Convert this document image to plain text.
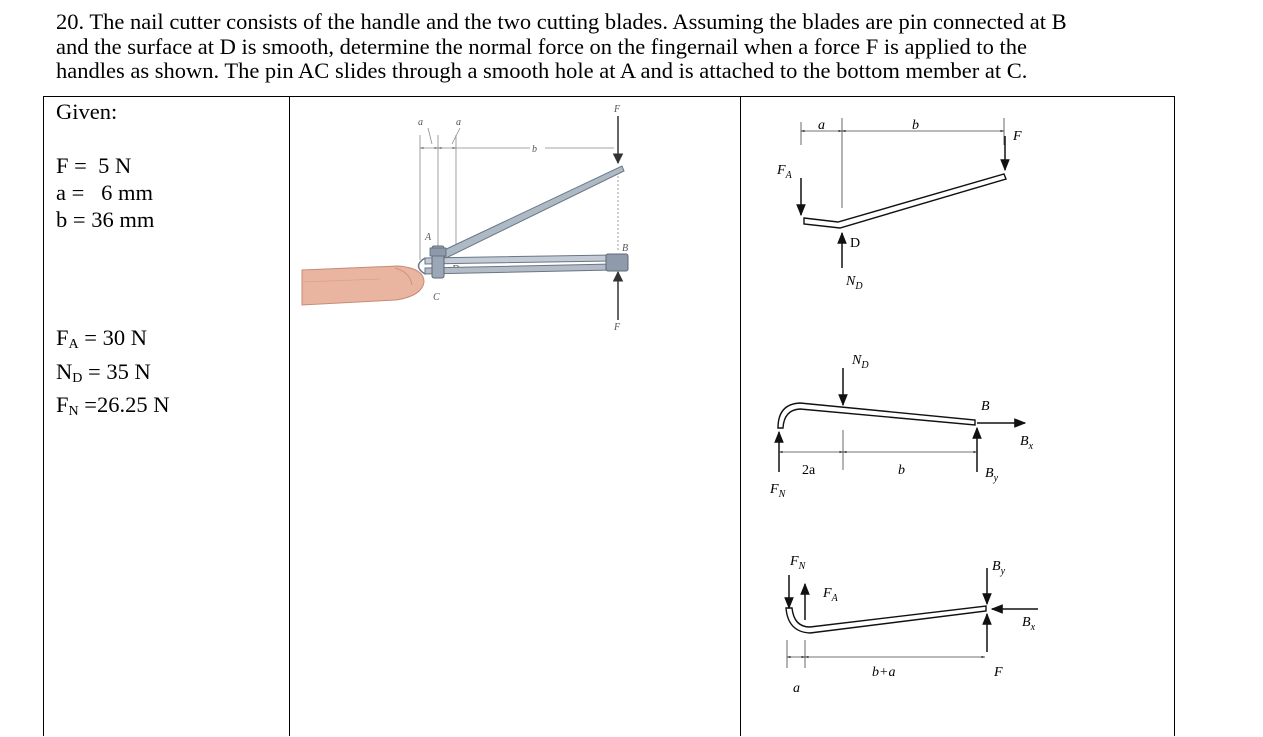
20. The nail cutter consists of the handle and the two cutting blades. Assuming the blades are pin connected at B

and the surface at D is smooth, determine the normal force on the fingernail when a force F is applied to the

handles as shown. The pin AC slides through a smooth hole at A and is attached to the bottom member at C.

Given:

F =  5 N
a =   6 mm
b = 36 mm
$F_A = 30$ N
$N_D = 35$ N
$F_N =26.25$ N
a	a
b
F
F
A
B
C
a	b
F
$F_A$
D
$N_D$
$N_D$
B
$B_x$
$B_y$
2a	b
$F_N$
$F_N$
$F_A$
$B_y$
$B_x$
F
b+a
a
